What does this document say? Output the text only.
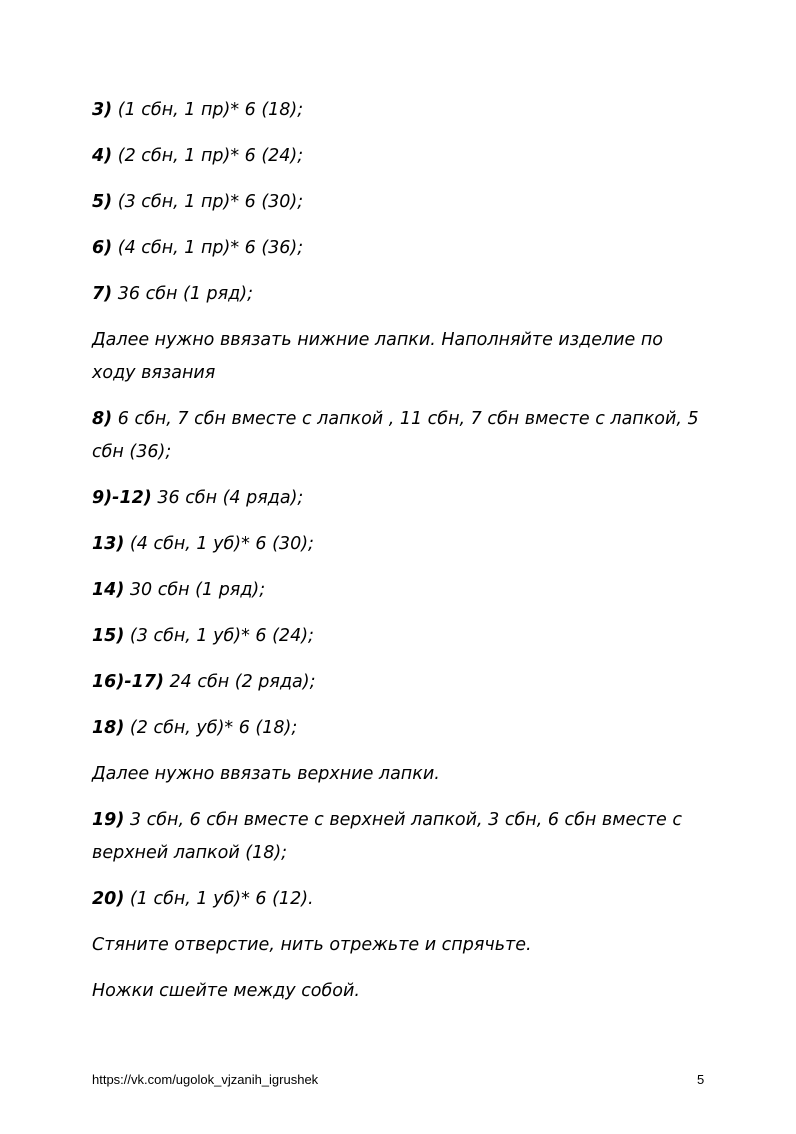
3) (1 сбн, 1 пр)* 6 (18);

4) (2 сбн, 1 пр)* 6 (24);

5) (3 сбн, 1 пр)* 6 (30);

6) (4 сбн, 1 пр)* 6 (36);

7) 36 сбн (1 ряд);

Далее нужно ввязать нижние лапки. Наполняйте изделие по ходу вязания

8) 6 сбн, 7 сбн вместе с лапкой , 11 сбн, 7 сбн вместе с лапкой, 5 сбн (36);

9)-12) 36 сбн (4 ряда);

13) (4 сбн, 1 уб)* 6 (30);

14) 30 сбн (1 ряд);

15) (3 сбн, 1 уб)* 6 (24);

16)-17) 24 сбн (2 ряда);

18) (2 сбн, уб)* 6 (18);

Далее нужно ввязать верхние лапки.

19) 3 сбн, 6 сбн вместе с верхней лапкой, 3 сбн, 6 сбн вместе с верхней лапкой (18);

20) (1 сбн, 1 уб)* 6 (12).

Стяните отверстие, нить отрежьте и спрячьте.

Ножки сшейте между собой.

https://vk.com/ugolok_vjzanih_igrushek	5
